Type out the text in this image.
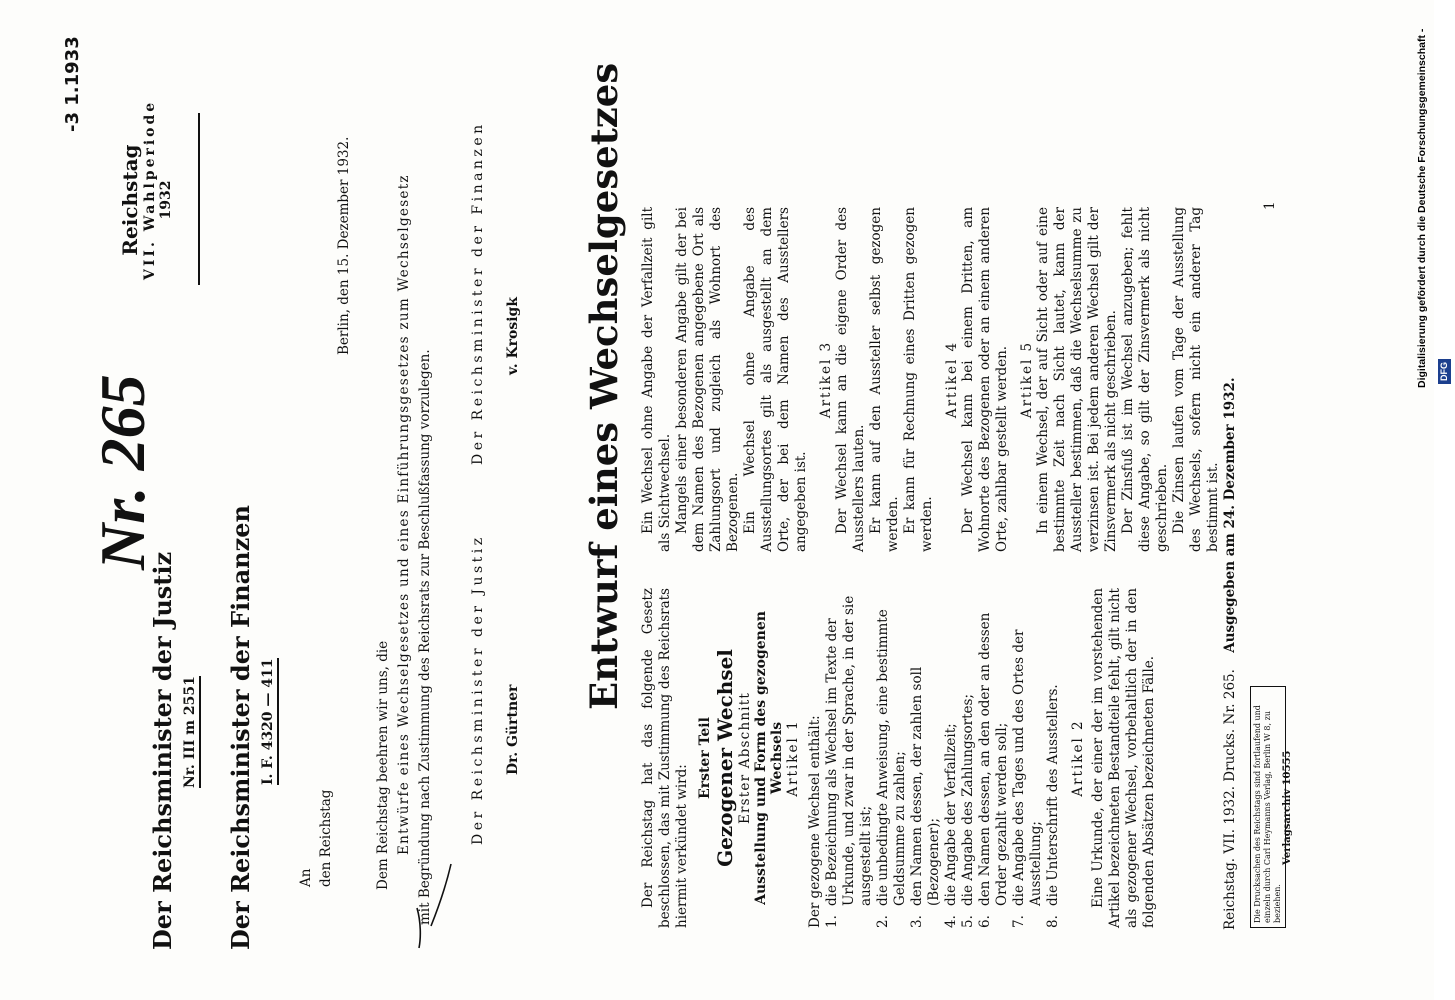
-3 1.1933
Reichstag VII. Wahlperiode 1932
Nr. 265
Der Reichsminister der Justiz Nr. III m 2551 Der Reichsminister der Finanzen I. F. 4320 — 411
An den Reichstag
Berlin, den 15. Dezember 1932.
Dem Reichstag beehren wir uns, die Entwürfe eines Wechselgesetzes und eines Einführungsgesetzes zum Wechselgesetz mit Begründung nach Zustimmung des Reichsrats zur Beschlußfassung vorzulegen.	Der Reichsminister der Justiz
Der Reichsminister der Finanzen
Dr. Gürtner
v. Krosigk Entwurf eines Wechselgesetzes
Der Reichstag hat das folgende Gesetz beschlossen, das mit Zustimmung des Reichsrats hiermit verkündet wird:
Erster Teil Gezogener Wechsel Erster Abschnitt Ausstellung und Form des gezogenen Wechsels Artikel 1 Der gezogene Wechsel enthält: 1.
die Bezeichnung als Wechsel im Texte der Urkunde, und zwar in der Sprache, in der sie ausgestellt ist;
2.
die unbedingte Anweisung, eine bestimmte Geldsumme zu zahlen;
3.
den Namen dessen, der zahlen soll (Bezogener);
4.
die Angabe der Verfallzeit;
5.
die Angabe des Zahlungsortes;
6.
den Namen dessen, an den oder an dessen Order gezahlt werden soll;
7.
die Angabe des Tages und des Ortes der Ausstellung;
8.
die Unterschrift des Ausstellers. Artikel 2 Eine Urkunde, der einer der im vorstehenden Artikel bezeichneten Bestandteile fehlt, gilt nicht als gezogener Wechsel, vorbehaltlich der in den folgenden Absätzen bezeichneten Fälle.
Ein Wechsel ohne Angabe der Verfallzeit gilt als Sichtwechsel. Mangels einer besonderen Angabe gilt der bei dem Namen des Bezogenen angegebene Ort als Zahlungsort und zugleich als Wohnort des Bezogenen. Ein Wechsel ohne Angabe des Ausstellungsortes gilt als ausgestellt an dem Orte, der bei dem Namen des Ausstellers angegeben ist.
Artikel 3 Der Wechsel kann an die eigene Order des Ausstellers lauten. Er kann auf den Aussteller selbst gezogen werden. Er kann für Rechnung eines Dritten gezogen werden.
Artikel 4 Der Wechsel kann bei einem Dritten, am Wohnorte des Bezogenen oder an einem anderen Orte, zahlbar gestellt werden. Artikel 5 In einem Wechsel, der auf Sicht oder auf eine bestimmte Zeit nach Sicht lautet, kann der Aussteller bestimmen, daß die Wechselsumme zu verzinsen ist. Bei jedem anderen Wechsel gilt der Zinsvermerk als nicht geschrieben. Der Zinsfuß ist im Wechsel anzugeben; fehlt diese Angabe, so gilt der Zinsvermerk als nicht geschrieben. Die Zinsen laufen vom Tage der Ausstellung des Wechsels, sofern nicht ein anderer Tag bestimmt ist.
1
Reichstag. VII. 1932. Drucks. Nr. 265. Ausgegeben am 24. Dezember 1932.
Die Drucksachen des Reichstags sind fortlaufend und einzeln durch Carl Heymanns Verlag, Berlin W 8, zu beziehen.
Verlagsarchiv 10555
Digitalisierung gefördert durch die Deutsche Forschungsgemeinschaft - DFG
